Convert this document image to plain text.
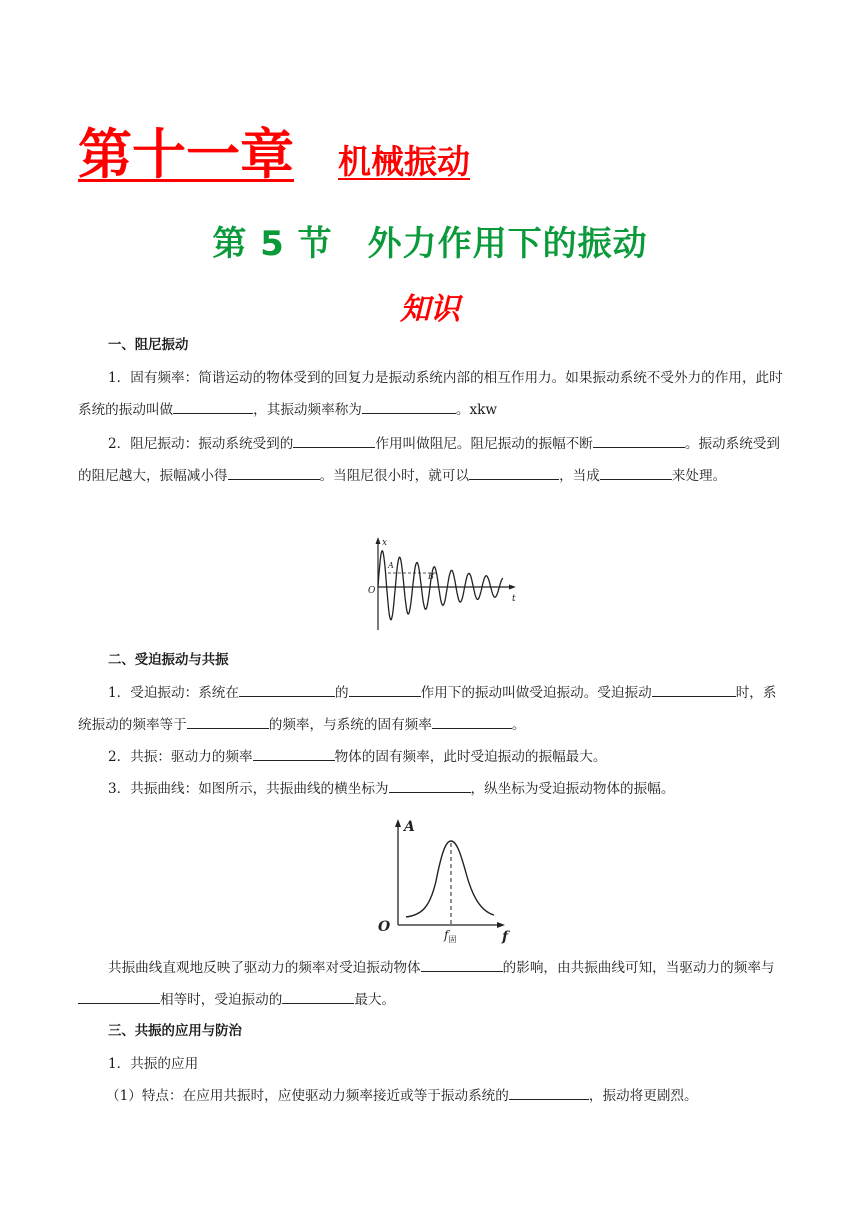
第十一章 机械振动
第 5 节　外力作用下的振动
知识
一、阻尼振动

1．固有频率：简谐运动的物体受到的回复力是振动系统内部的相互作用力。如果振动系统不受外力的作用，此时系统的振动叫做	，其振动频率称为	。xkw

2．阻尼振动：振动系统受到的	作用叫做阻尼。阻尼振动的振幅不断	。振动系统受到的阻尼越大，振幅减小得	。当阻尼很小时，就可以	，当成	来处理。

x
t
O
A
B
二、受迫振动与共振

1．受迫振动：系统在	的	作用下的振动叫做受迫振动。受迫振动	时，系统振动的频率等于	的频率，与系统的固有频率	。

2．共振：驱动力的频率	物体的固有频率，此时受迫振动的振幅最大。

3．共振曲线：如图所示，共振曲线的横坐标为	，纵坐标为受迫振动物体的振幅。

A
f
O	$f_固$

共振曲线直观地反映了驱动力的频率对受迫振动物体	的影响，由共振曲线可知，当驱动力的频率与相等时，受迫振动的	最大。

三、共振的应用与防治

1．共振的应用

（1）特点：在应用共振时，应使驱动力频率接近或等于振动系统的	，振动将更剧烈。
